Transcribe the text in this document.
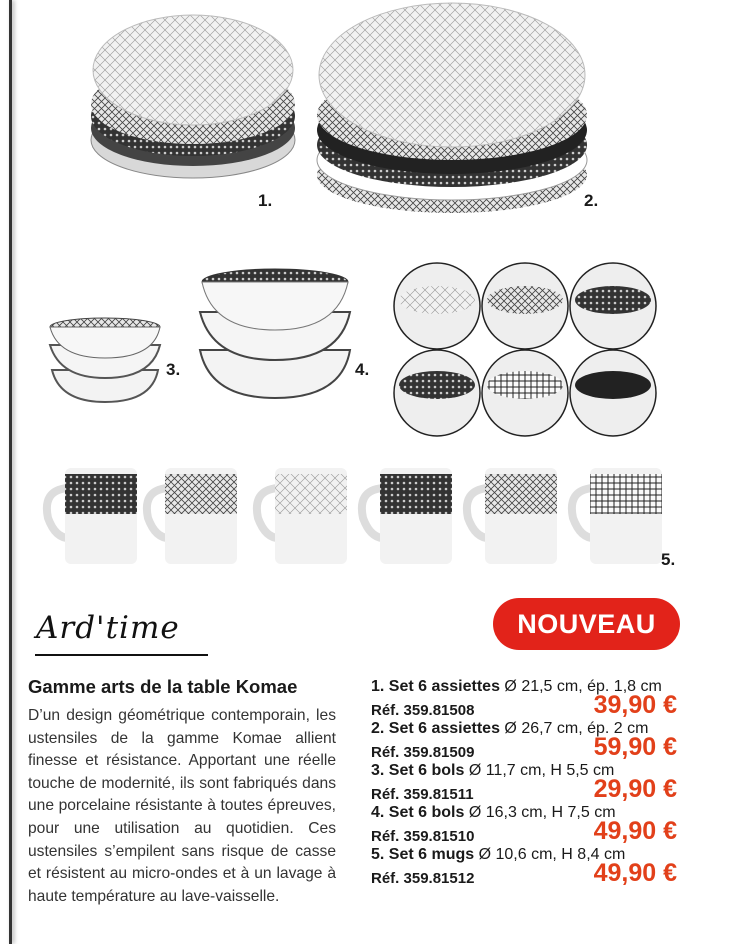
1.	2.
3.	4.
5.
Ard'time	NOUVEAU
Gamme arts de la table Komae
D’un design géométrique contemporain, les ustensiles de la gamme Komae allient finesse et résistance. Apportant une réelle touche de modernité, ils sont fabriqués dans une porcelaine résistante à toutes épreuves, pour une utilisation au quotidien. Ces ustensiles s’empilent sans risque de casse et résistent au micro-ondes et à un lavage à haute température au lave-vaisselle.
1. Set 6 assiettes Ø 21,5 cm, ép. 1,8 cm
Réf. 359.81508	39,90 €
2. Set 6 assiettes Ø 26,7 cm, ép. 2 cm
Réf. 359.81509	59,90 €
3. Set 6 bols Ø 11,7 cm, H 5,5 cm
Réf. 359.81511	29,90 €
4. Set 6 bols Ø 16,3 cm, H 7,5 cm
Réf. 359.81510	49,90 €
5. Set 6 mugs Ø 10,6 cm, H 8,4 cm
Réf. 359.81512	49,90 €
